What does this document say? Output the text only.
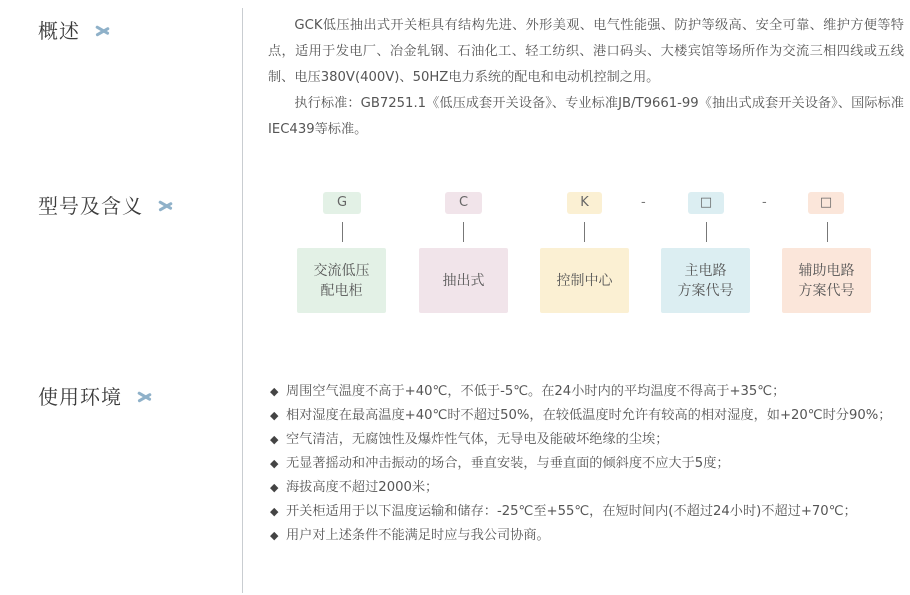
概述	GCK低压抽出式开关柜具有结构先进、外形美观、电气性能强、防护等级高、安全可靠、维护方便等特点，适用于发电厂、冶金轧钢、石油化工、轻工纺织、港口码头、大楼宾馆等场所作为交流三相四线或五线制、电压380V(400V)、50HZ电力系统的配电和电动机控制之用。

执行标准：GB7251.1《低压成套开关设备》、专业标准JB/T9661-99《抽出式成套开关设备》、国际标准IEC439等标准。

型号及含义	G	C	K	-	□	-	□
交流低压
配电柜
抽出式	控制中心
主电路
方案代号
辅助电路
方案代号
使用环境	◆ 周围空气温度不高于+40℃，不低于-5℃。在24小时内的平均温度不得高于+35℃；
◆ 相对湿度在最高温度+40℃时不超过50%，在较低温度时允许有较高的相对湿度，如+20℃时分90%；
◆ 空气清洁，无腐蚀性及爆炸性气体，无导电及能破坏绝缘的尘埃；
◆ 无显著摇动和冲击振动的场合，垂直安装，与垂直面的倾斜度不应大于5度；
◆ 海拔高度不超过2000米；
◆ 开关柜适用于以下温度运输和储存：-25℃至+55℃，在短时间内(不超过24小时)不超过+70℃；
◆ 用户对上述条件不能满足时应与我公司协商。
